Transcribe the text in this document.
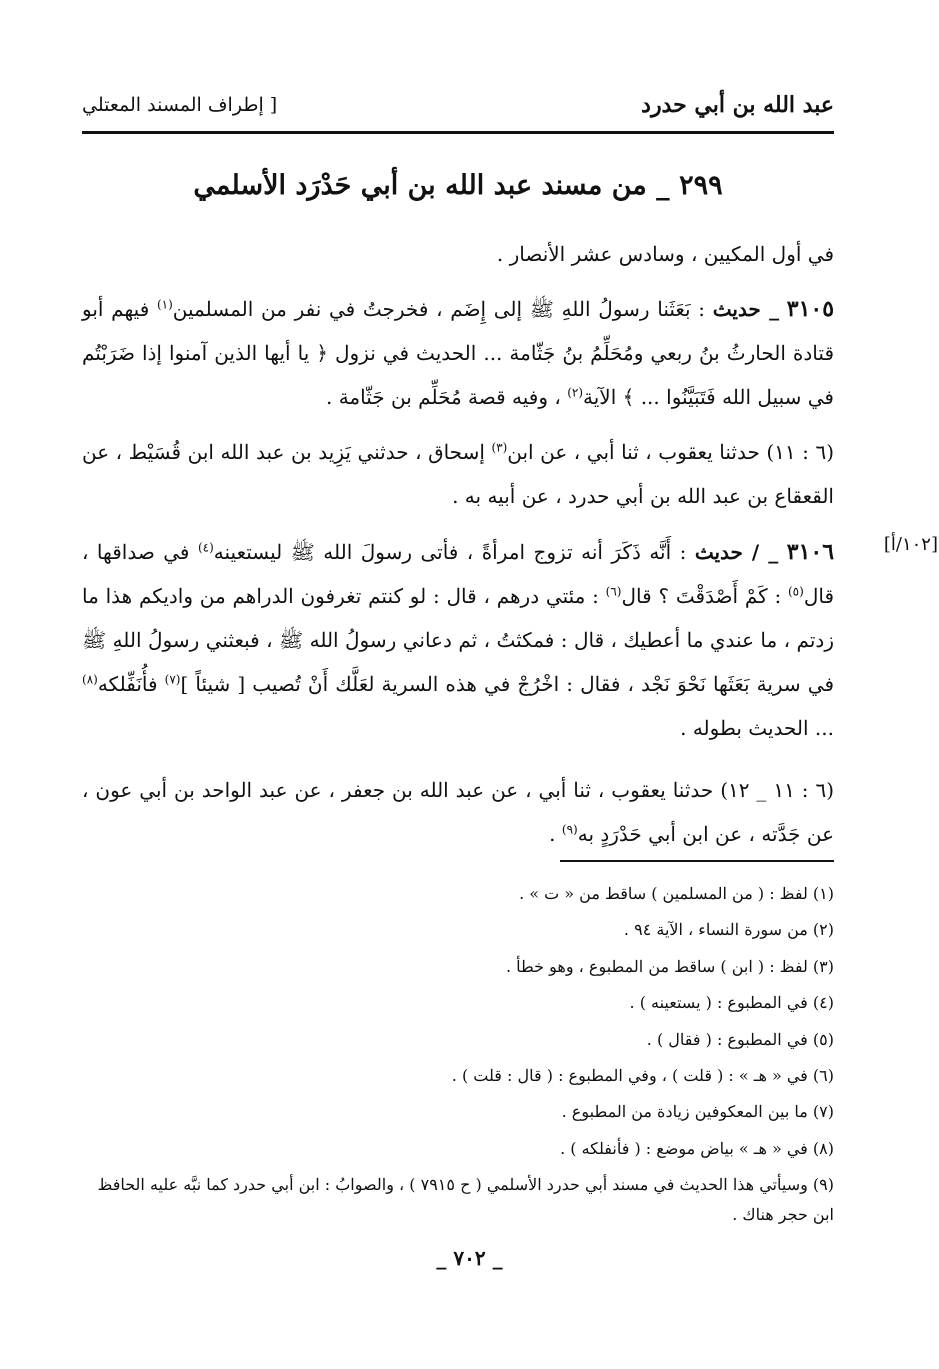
عبد الله بن أبي حدرد
[ إطراف المسند المعتلي
٢٩٩ _ من مسند عبد الله بن أبي حَدْرَد الأسلمي
في أول المكيين ، وسادس عشر الأنصار .
٣١٠٥ _ حديث : بَعَثَنا رسولُ اللهِ ﷺ إلى إِضَم ، فخرجتُ في نفر من المسلمين$^{(١)}$ فيهم أبو قتادة الحارثُ بنُ ربعي ومُحَلِّمُ بنُ جَثّامة ... الحديث في نزول ﴿ يا أيها الذين آمنوا إذا ضَرَبْتُم في سبيل الله فَتَبَيَّنُوا ... ﴾ الآية$^{(٢)}$ ، وفيه قصة مُحَلِّم بن جَثّامة .
(٦ : ١١) حدثنا يعقوب ، ثنا أبي ، عن ابن$^{(٣)}$ إسحاق ، حدثني يَزِيد بن عبد الله ابن قُسَيْط ، عن القعقاع بن عبد الله بن أبي حدرد ، عن أبيه به .
[١٠٢/أ]
٣١٠٦ _ / حديث : أَنَّه ذَكَرَ أنه تزوج امرأةً ، فأتى رسولَ الله ﷺ ليستعينه$^{(٤)}$ في صداقها ، قال$^{(٥)}$ : كَمْ أَصْدَقْتَ ؟ قال$^{(٦)}$ : مئتي درهم ، قال : لو كنتم تغرفون الدراهم من واديكم هذا ما زدتم ، ما عندي ما أعطيك ، قال : فمكثتُ ، ثم دعاني رسولُ الله ﷺ ، فبعثني رسولُ اللهِ ﷺ في سرية بَعَثَها نَحْوَ نَجْد ، فقال : اخْرُجْ في هذه السرية لعَلَّك أَنْ تُصيب [ شيئاً ]$^{(٧)}$ فأُنَفِّلكه$^{(٨)}$ ... الحديث بطوله .
(٦ : ١١ _ ١٢) حدثنا يعقوب ، ثنا أبي ، عن عبد الله بن جعفر ، عن عبد الواحد بن أبي عون ، عن جَدَّته ، عن ابن أبي حَدْرَدٍ به$^{(٩)}$ .
(١) لفظ : ( من المسلمين ) ساقط من « ت » .
(٢) من سورة النساء ، الآية ٩٤ .
(٣) لفظ : ( ابن ) ساقط من المطبوع ، وهو خطأ .
(٤) في المطبوع : ( يستعينه ) .
(٥) في المطبوع : ( فقال ) .
(٦) في « هـ » : ( قلت ) ، وفي المطبوع : ( قال : قلت ) .
(٧) ما بين المعكوفين زيادة من المطبوع .
(٨) في « هـ » بياض موضع : ( فأنفلكه ) .
(٩) وسيأتي هذا الحديث في مسند أبي حدرد الأسلمي ( ح ٧٩١٥ ) ، والصوابُ : ابن أبي حدرد كما نبَّه عليه الحافظ ابن حجر هناك .
_ ٧٠٢ _
